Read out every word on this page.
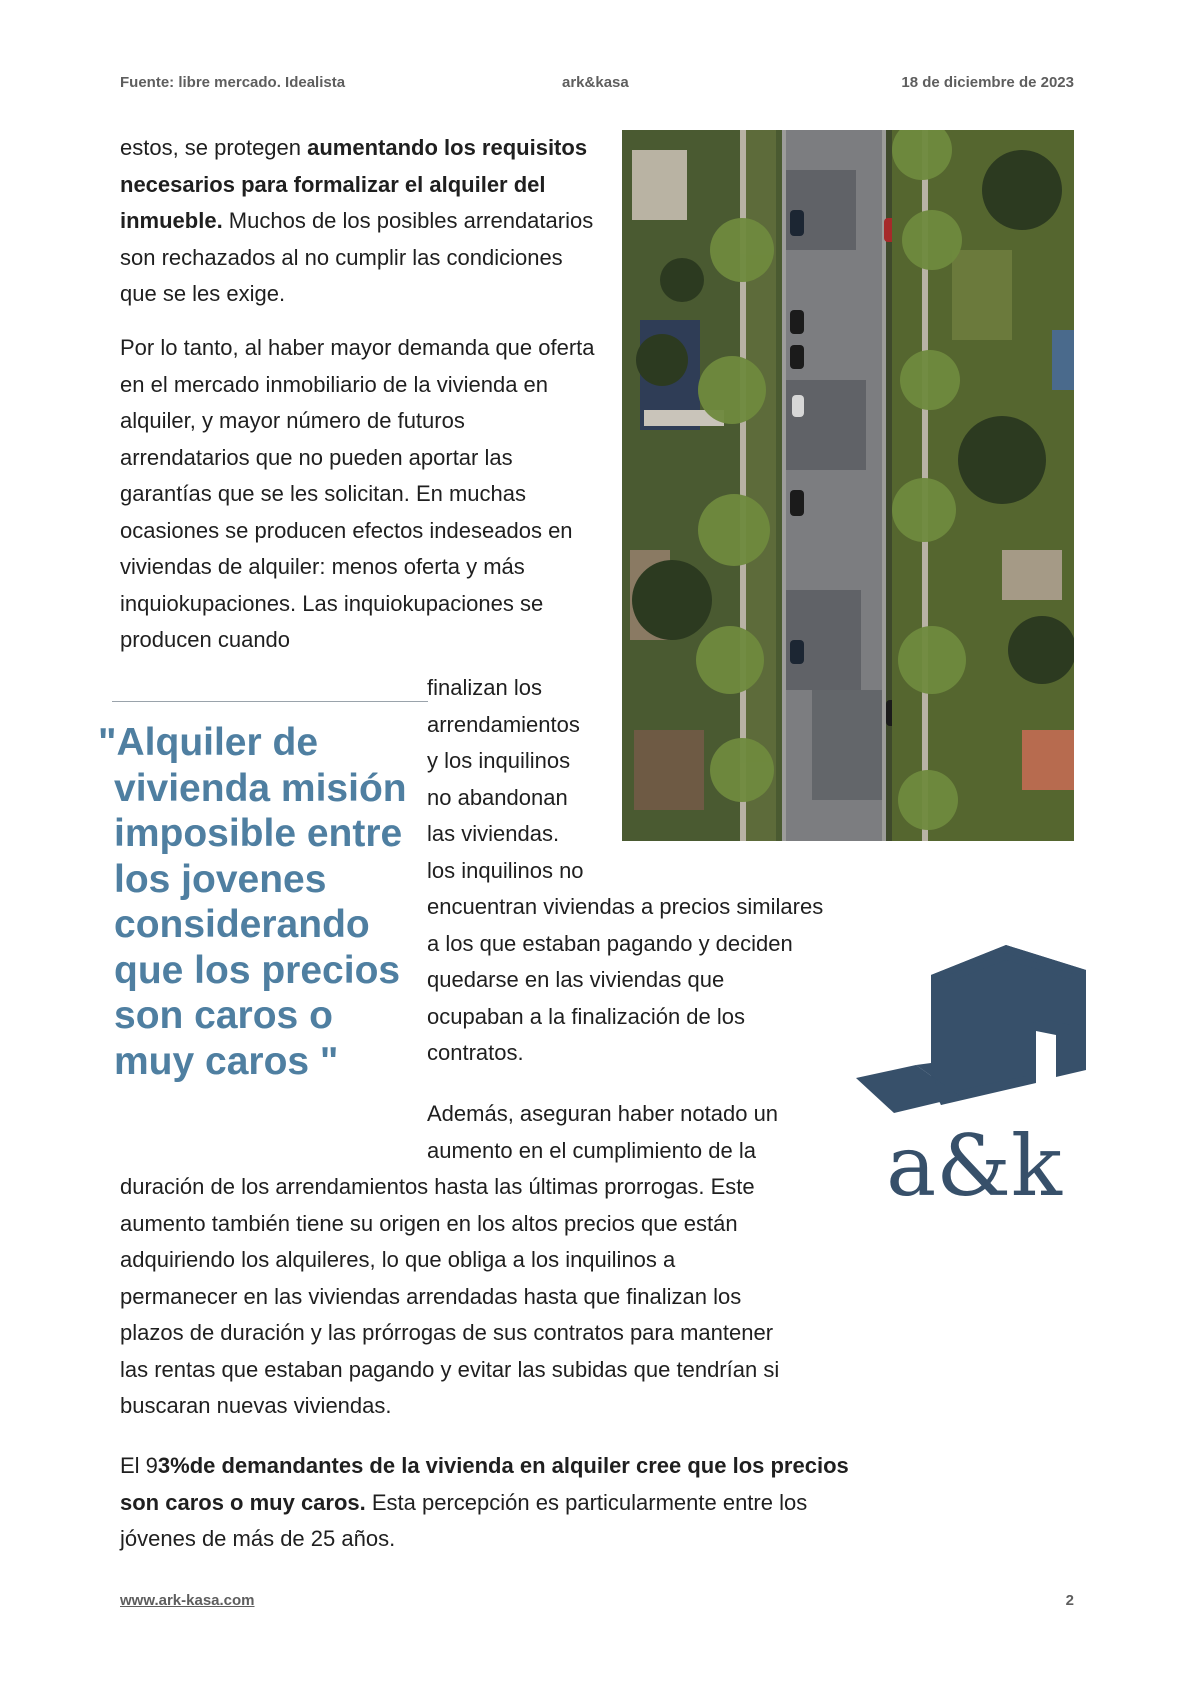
Fuente: libre mercado. Idealista	ark&kasa	18 de diciembre de 2023

estos, se protegen aumentando los requisitos necesarios para formalizar el alquiler del inmueble. Muchos de los posibles arrendatarios son rechazados al no cumplir las condiciones que se les exige.

Por lo tanto, al haber mayor demanda que oferta en el mercado inmobiliario de la vivienda en alquiler, y mayor número de futuros arrendatarios que no pueden aportar las garantías que se les solicitan. En muchas ocasiones se producen efectos indeseados en viviendas de alquiler: menos oferta y más inquiokupaciones. Las inquiokupaciones se producen cuando

finalizan los
arrendamientos
y los inquilinos
no abandonan
las viviendas.
los inquilinos no
encuentran viviendas a precios similares
a los que estaban pagando y deciden
quedarse en las viviendas que
ocupaban a la finalización de los
contratos.
"Alquiler de
vivienda misión
imposible entre
los jovenes
considerando
que los precios
son caros o
muy caros "
Además, aseguran haber notado un
aumento en el cumplimiento de la
duración de los arrendamientos hasta las últimas prorrogas. Este
aumento también tiene su origen en los altos precios que están
adquiriendo los alquileres, lo que obliga a los inquilinos a
permanecer en las viviendas arrendadas hasta que finalizan los
plazos de duración y las prórrogas de sus contratos para mantener
las rentas que estaban pagando y evitar las subidas que tendrían si
buscaran nuevas viviendas.

El 93%de demandantes de la vivienda en alquiler cree que los precios son caros o muy caros. Esta percepción es particularmente entre los jóvenes de más de 25 años.

a&k
www.ark-kasa.com	2
